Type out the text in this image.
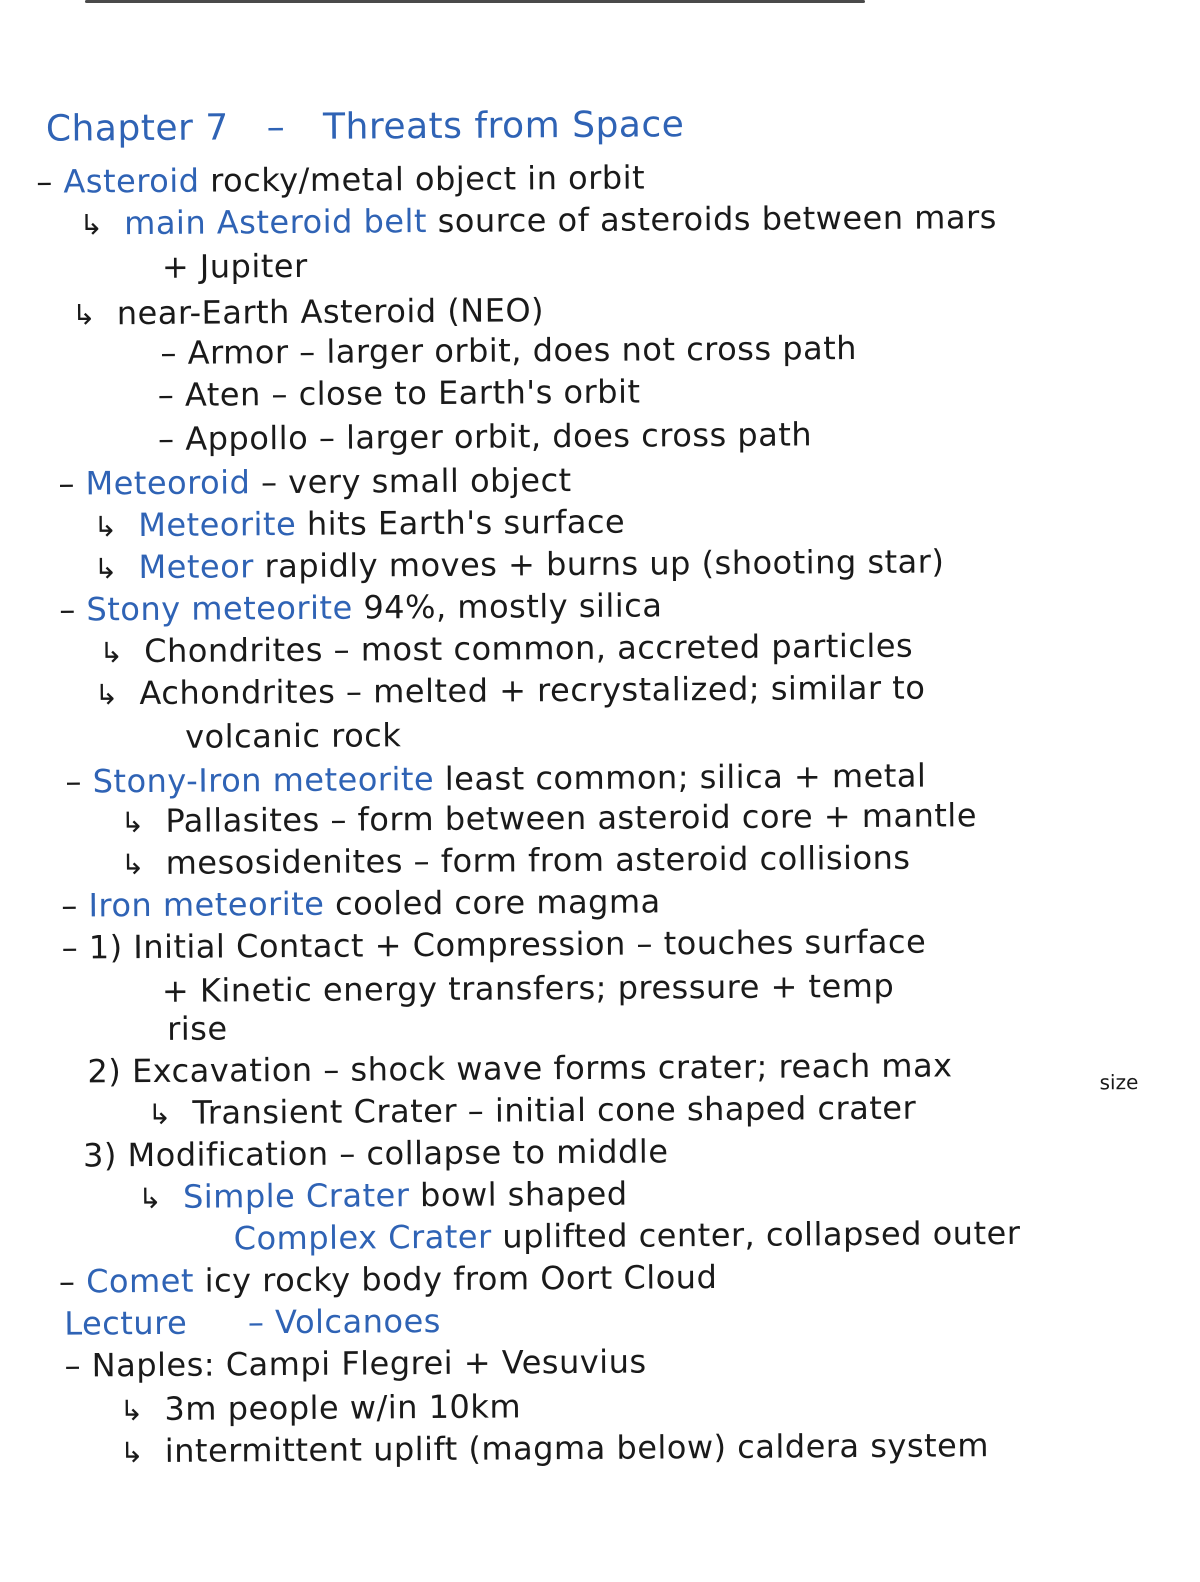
Chapter 7 – Threats from Space
– Asteroid rocky/metal object in orbit
↳ main Asteroid belt source of asteroids between mars
+ Jupiter
↳ near-Earth Asteroid (NEO)
– Armor – larger orbit, does not cross path
– Aten – close to Earth's orbit
– Appollo – larger orbit, does cross path
– Meteoroid – very small object
↳ Meteorite hits Earth's surface
↳ Meteor rapidly moves + burns up (shooting star)
– Stony meteorite 94%, mostly silica
↳ Chondrites – most common, accreted particles
↳ Achondrites – melted + recrystalized; similar to
volcanic rock
– Stony-Iron meteorite least common; silica + metal
↳ Pallasites – form between asteroid core + mantle
↳ mesosidenites – form from asteroid collisions
– Iron meteorite cooled core magma
– 1) Initial Contact + Compression – touches surface
+ Kinetic energy transfers; pressure + temp
rise
2) Excavation – shock wave forms crater; reach max	size
↳ Transient Crater – initial cone shaped crater
3) Modification – collapse to middle
↳ Simple Crater bowl shaped
Complex Crater uplifted center, collapsed outer
– Comet icy rocky body from Oort Cloud
Lecture – Volcanoes
– Naples: Campi Flegrei + Vesuvius
↳ 3m people w/in 10km
↳ intermittent uplift (magma below) caldera system
